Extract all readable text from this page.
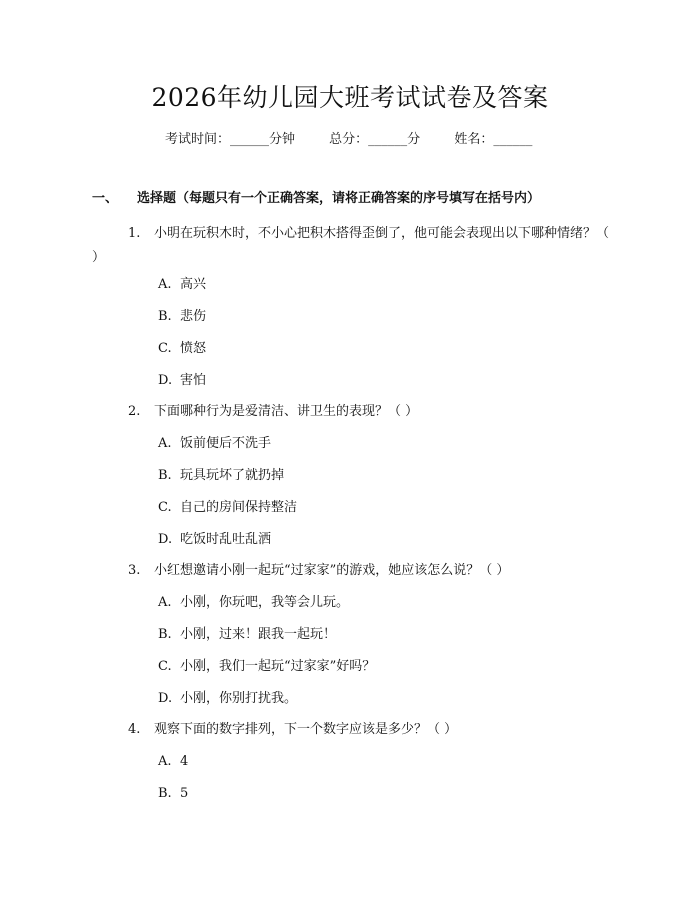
2026年幼儿园大班考试试卷及答案
考试时间：______分钟	总分：______分	姓名：______
一、 选择题（每题只有一个正确答案，请将正确答案的序号填写在括号内）
1. 小明在玩积木时，不小心把积木搭得歪倒了，他可能会表现出以下哪种情绪？（ ）
A. 高兴
B. 悲伤
C. 愤怒
D. 害怕
2. 下面哪种行为是爱清洁、讲卫生的表现？（ ）
A. 饭前便后不洗手
B. 玩具玩坏了就扔掉
C. 自己的房间保持整洁
D. 吃饭时乱吐乱洒
3. 小红想邀请小刚一起玩“过家家”的游戏，她应该怎么说？（ ）
A. 小刚，你玩吧，我等会儿玩。
B. 小刚，过来！跟我一起玩！
C. 小刚，我们一起玩“过家家”好吗？
D. 小刚，你别打扰我。
4. 观察下面的数字排列，下一个数字应该是多少？（ ）
A. 4
B. 5
